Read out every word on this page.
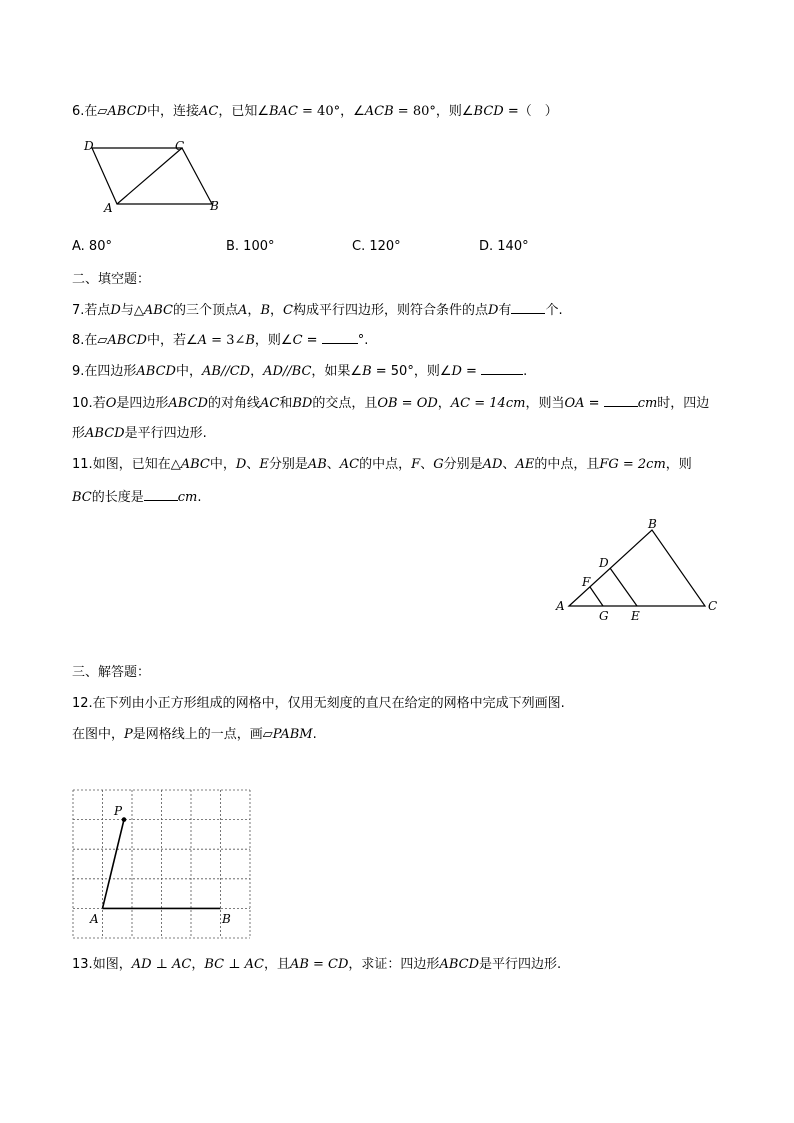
6.在▱ABCD中，连接AC，已知∠BAC = 40°，∠ACB = 80°，则∠BCD =（　）
D	C
A	B
A. 80°	B. 100°	C. 120°	D. 140°
二、填空题：
7.若点D与△ABC的三个顶点A，B，C构成平行四边形，则符合条件的点D有	个.
8.在▱ABCD中，若∠A = 3∠B，则∠C =	°.
9.在四边形ABCD中，AB//CD，AD//BC，如果∠B = 50°，则∠D =	.
10.若O是四边形ABCD的对角线AC和BD的交点，且OB = OD，AC = 14cm，则当OA =	cm时，四边
形ABCD是平行四边形.
11.如图，已知在△ABC中，D、E分别是AB、AC的中点，F、G分别是AD、AE的中点，且FG = 2cm，则
BC的长度是	cm.
B
D
F
A
G E
C
三、解答题：
12.在下列由小正方形组成的网格中，仅用无刻度的直尺在给定的网格中完成下列画图.
在图中，P是网格线上的一点，画▱PABM.
P
A	B
13.如图，AD ⊥ AC，BC ⊥ AC，且AB = CD，求证：四边形ABCD是平行四边形.
